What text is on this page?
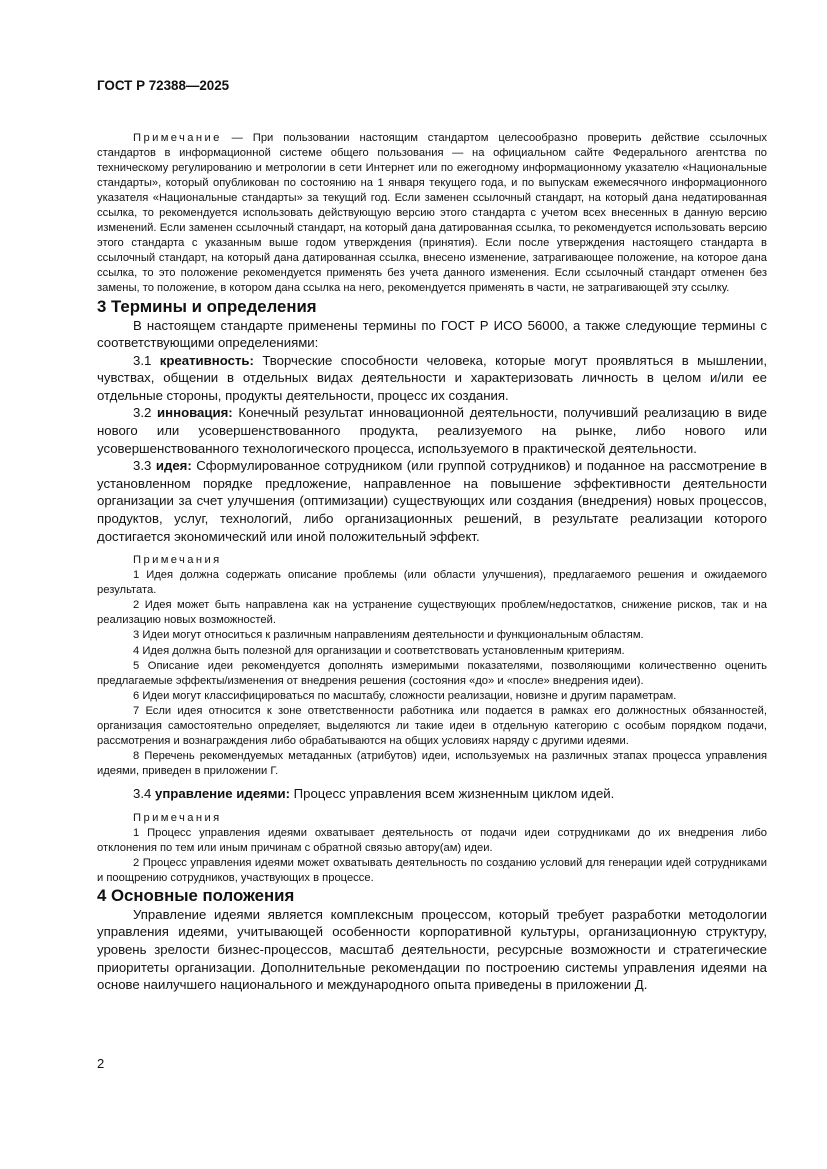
ГОСТ Р 72388—2025

Примечание — При пользовании настоящим стандартом целесообразно проверить действие ссылочных стандартов в информационной системе общего пользования — на официальном сайте Федерального агентства по техническому регулированию и метрологии в сети Интернет или по ежегодному информационному указателю «Национальные стандарты», который опубликован по состоянию на 1 января текущего года, и по выпускам ежемесячного информационного указателя «Национальные стандарты» за текущий год. Если заменен ссылочный стандарт, на который дана недатированная ссылка, то рекомендуется использовать действующую версию этого стандарта с учетом всех внесенных в данную версию изменений. Если заменен ссылочный стандарт, на который дана датированная ссылка, то рекомендуется использовать версию этого стандарта с указанным выше годом утверждения (принятия). Если после утверждения настоящего стандарта в ссылочный стандарт, на который дана датированная ссылка, внесено изменение, затрагивающее положение, на которое дана ссылка, то это положение рекомендуется применять без учета данного изменения. Если ссылочный стандарт отменен без замены, то положение, в котором дана ссылка на него, рекомендуется применять в части, не затрагивающей эту ссылку.

3 Термины и определения

В настоящем стандарте применены термины по ГОСТ Р ИСО 56000, а также следующие термины с соответствующими определениями:

3.1 креативность: Творческие способности человека, которые могут проявляться в мышлении, чувствах, общении в отдельных видах деятельности и характеризовать личность в целом и/или ее отдельные стороны, продукты деятельности, процесс их создания.

3.2 инновация: Конечный результат инновационной деятельности, получивший реализацию в виде нового или усовершенствованного продукта, реализуемого на рынке, либо нового или усовершенствованного технологического процесса, используемого в практической деятельности.

3.3 идея: Сформулированное сотрудником (или группой сотрудников) и поданное на рассмотрение в установленном порядке предложение, направленное на повышение эффективности деятельности организации за счет улучшения (оптимизации) существующих или создания (внедрения) новых процессов, продуктов, услуг, технологий, либо организационных решений, в результате реализации которого достигается экономический или иной положительный эффект.

Примечания

1 Идея должна содержать описание проблемы (или области улучшения), предлагаемого решения и ожидаемого результата.

2 Идея может быть направлена как на устранение существующих проблем/недостатков, снижение рисков, так и на реализацию новых возможностей.

3 Идеи могут относиться к различным направлениям деятельности и функциональным областям.

4 Идея должна быть полезной для организации и соответствовать установленным критериям.

5 Описание идеи рекомендуется дополнять измеримыми показателями, позволяющими количественно оценить предлагаемые эффекты/изменения от внедрения решения (состояния «до» и «после» внедрения идеи).

6 Идеи могут классифицироваться по масштабу, сложности реализации, новизне и другим параметрам.

7 Если идея относится к зоне ответственности работника или подается в рамках его должностных обязанностей, организация самостоятельно определяет, выделяются ли такие идеи в отдельную категорию с особым порядком подачи, рассмотрения и вознаграждения либо обрабатываются на общих условиях наряду с другими идеями.

8 Перечень рекомендуемых метаданных (атрибутов) идеи, используемых на различных этапах процесса управления идеями, приведен в приложении Г.

3.4 управление идеями: Процесс управления всем жизненным циклом идей.

Примечания

1 Процесс управления идеями охватывает деятельность от подачи идеи сотрудниками до их внедрения либо отклонения по тем или иным причинам с обратной связью автору(ам) идеи.

2 Процесс управления идеями может охватывать деятельность по созданию условий для генерации идей сотрудниками и поощрению сотрудников, участвующих в процессе.

4 Основные положения

Управление идеями является комплексным процессом, который требует разработки методологии управления идеями, учитывающей особенности корпоративной культуры, организационную структуру, уровень зрелости бизнес-процессов, масштаб деятельности, ресурсные возможности и стратегические приоритеты организации. Дополнительные рекомендации по построению системы управления идеями на основе наилучшего национального и международного опыта приведены в приложении Д.

2
